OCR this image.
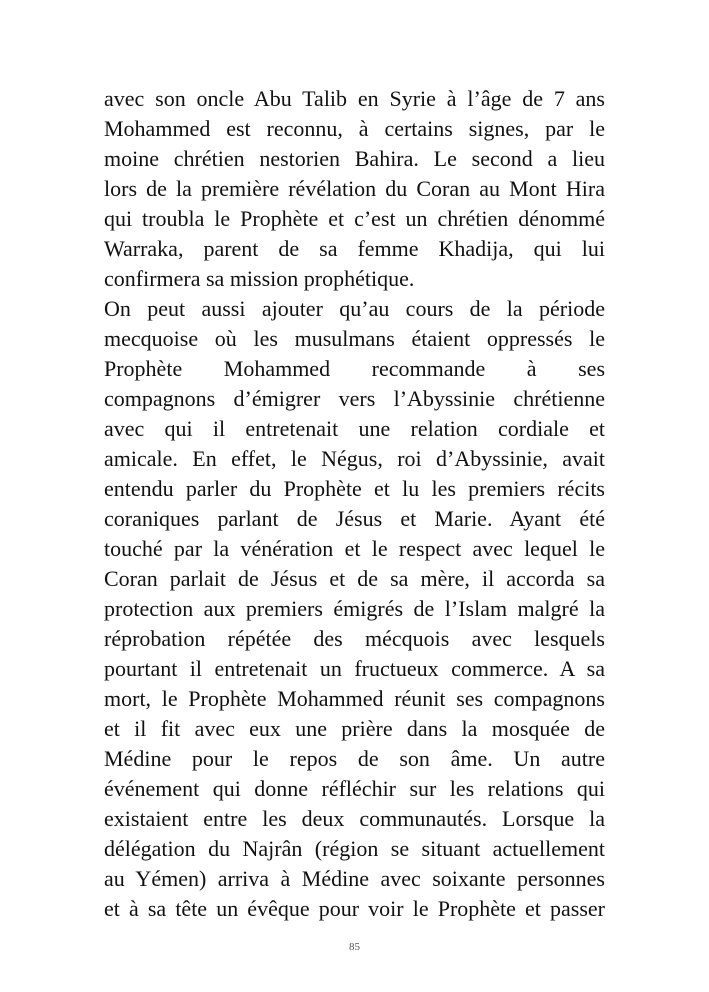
avec son oncle Abu Talib en Syrie à l’âge de 7 ans
Mohammed est reconnu, à certains signes, par le
moine chrétien nestorien Bahira. Le second a lieu
lors de la première révélation du Coran au Mont Hira
qui troubla le Prophète et c’est un chrétien dénommé
Warraka, parent de sa femme Khadija, qui lui
confirmera sa mission prophétique.
On peut aussi ajouter qu’au cours de la période
mecquoise où les musulmans étaient oppressés le
Prophète Mohammed recommande à ses
compagnons d’émigrer vers l’Abyssinie chrétienne
avec qui il entretenait une relation cordiale et
amicale. En effet, le Négus, roi d’Abyssinie, avait
entendu parler du Prophète et lu les premiers récits
coraniques parlant de Jésus et Marie. Ayant été
touché par la vénération et le respect avec lequel le
Coran parlait de Jésus et de sa mère, il accorda sa
protection aux premiers émigrés de l’Islam malgré la
réprobation répétée des mécquois avec lesquels
pourtant il entretenait un fructueux commerce. A sa
mort, le Prophète Mohammed réunit ses compagnons
et il fit avec eux une prière dans la mosquée de
Médine pour le repos de son âme. Un autre
événement qui donne réfléchir sur les relations qui
existaient entre les deux communautés. Lorsque la
délégation du Najrân (région se situant actuellement
au Yémen) arriva à Médine avec soixante personnes
et à sa tête un évêque pour voir le Prophète et passer
85
